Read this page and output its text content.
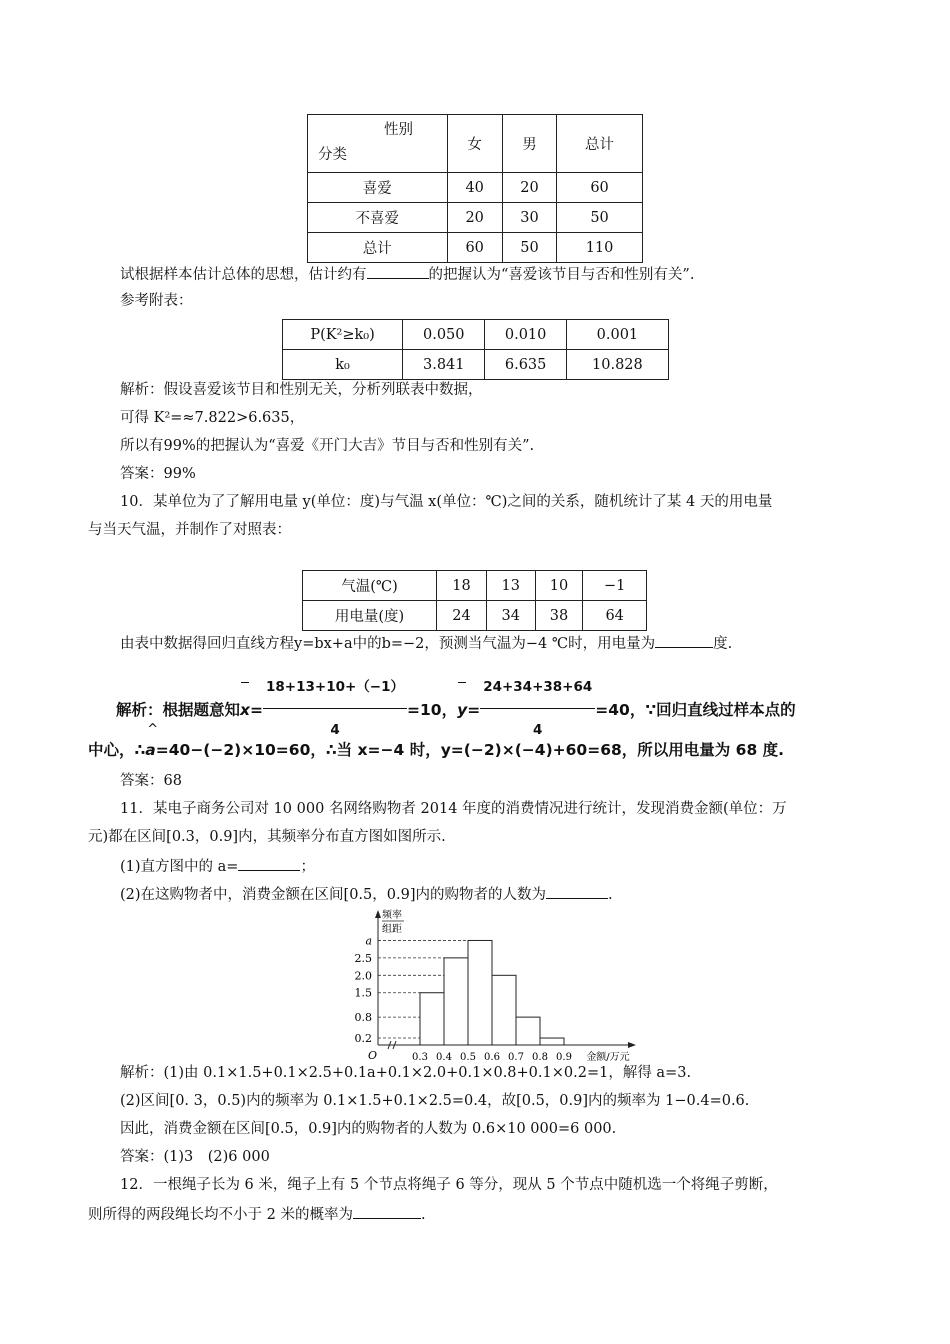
性别
分类	女	男	总计
喜爱	40	20	60
不喜爱	20	30	50
总计	60	50	110
试根据样本估计总体的思想，估计约有	的把握认为“喜爱该节目与否和性别有关”.
参考附表：
P(K²≥k₀)	0.050	0.010	0.001
k₀	3.841	6.635	10.828
解析：假设喜爱该节目和性别无关，分析列联表中数据，
可得 K²=≈7.822>6.635，
所以有99%的把握认为“喜爱《开门大吉》节目与否和性别有关”.
答案：99%
10．某单位为了了解用电量 y(单位：度)与气温 x(单位：℃)之间的关系，随机统计了某 4 天的用电量
与当天气温，并制作了对照表：
气温(℃)	18	13	10	−1
用电量(度)	24	34	38	64
由表中数据得回归直线方程y=bx+a中的b=−2，预测当气温为−4 ℃时，用电量为	度.
解析：根据题意知$x= \frac{18+13+10+(-1)}{4} =10$，$y= \frac{24+34+38+64}{4} =40$，∵回归直线过样本点的
中心，∴^ a=40−(−2)×10=60，∴当 x=−4 时，y=(−2)×(−4)+60=68，所以用电量为 68 度.
答案：68
11．某电子商务公司对 10 000 名网络购物者 2014 年度的消费情况进行统计，发现消费金额(单位：万
元)都在区间[0.3，0.9]内，其频率分布直方图如图所示.
(1)直方图中的 a=	；
(2)在这购物者中，消费金额在区间[0.5，0.9]内的购物者的人数为	.
0.2
0.8
1.5
2.0
2.5
a
0.3 0.4 0.5 0.6 0.7 0.8 0.9
O
频率
组距
金额/万元
解析：(1)由 0.1×1.5+0.1×2.5+0.1a+0.1×2.0+0.1×0.8+0.1×0.2=1，解得 a=3.
(2)区间[0. 3，0.5)内的频率为 0.1×1.5+0.1×2.5=0.4，故[0.5，0.9]内的频率为 1−0.4=0.6.
因此，消费金额在区间[0.5，0.9]内的购物者的人数为 0.6×10 000=6 000.
答案：(1)3　(2)6 000
12．一根绳子长为 6 米，绳子上有 5 个节点将绳子 6 等分，现从 5 个节点中随机选一个将绳子剪断，
则所得的两段绳长均不小于 2 米的概率为	.
